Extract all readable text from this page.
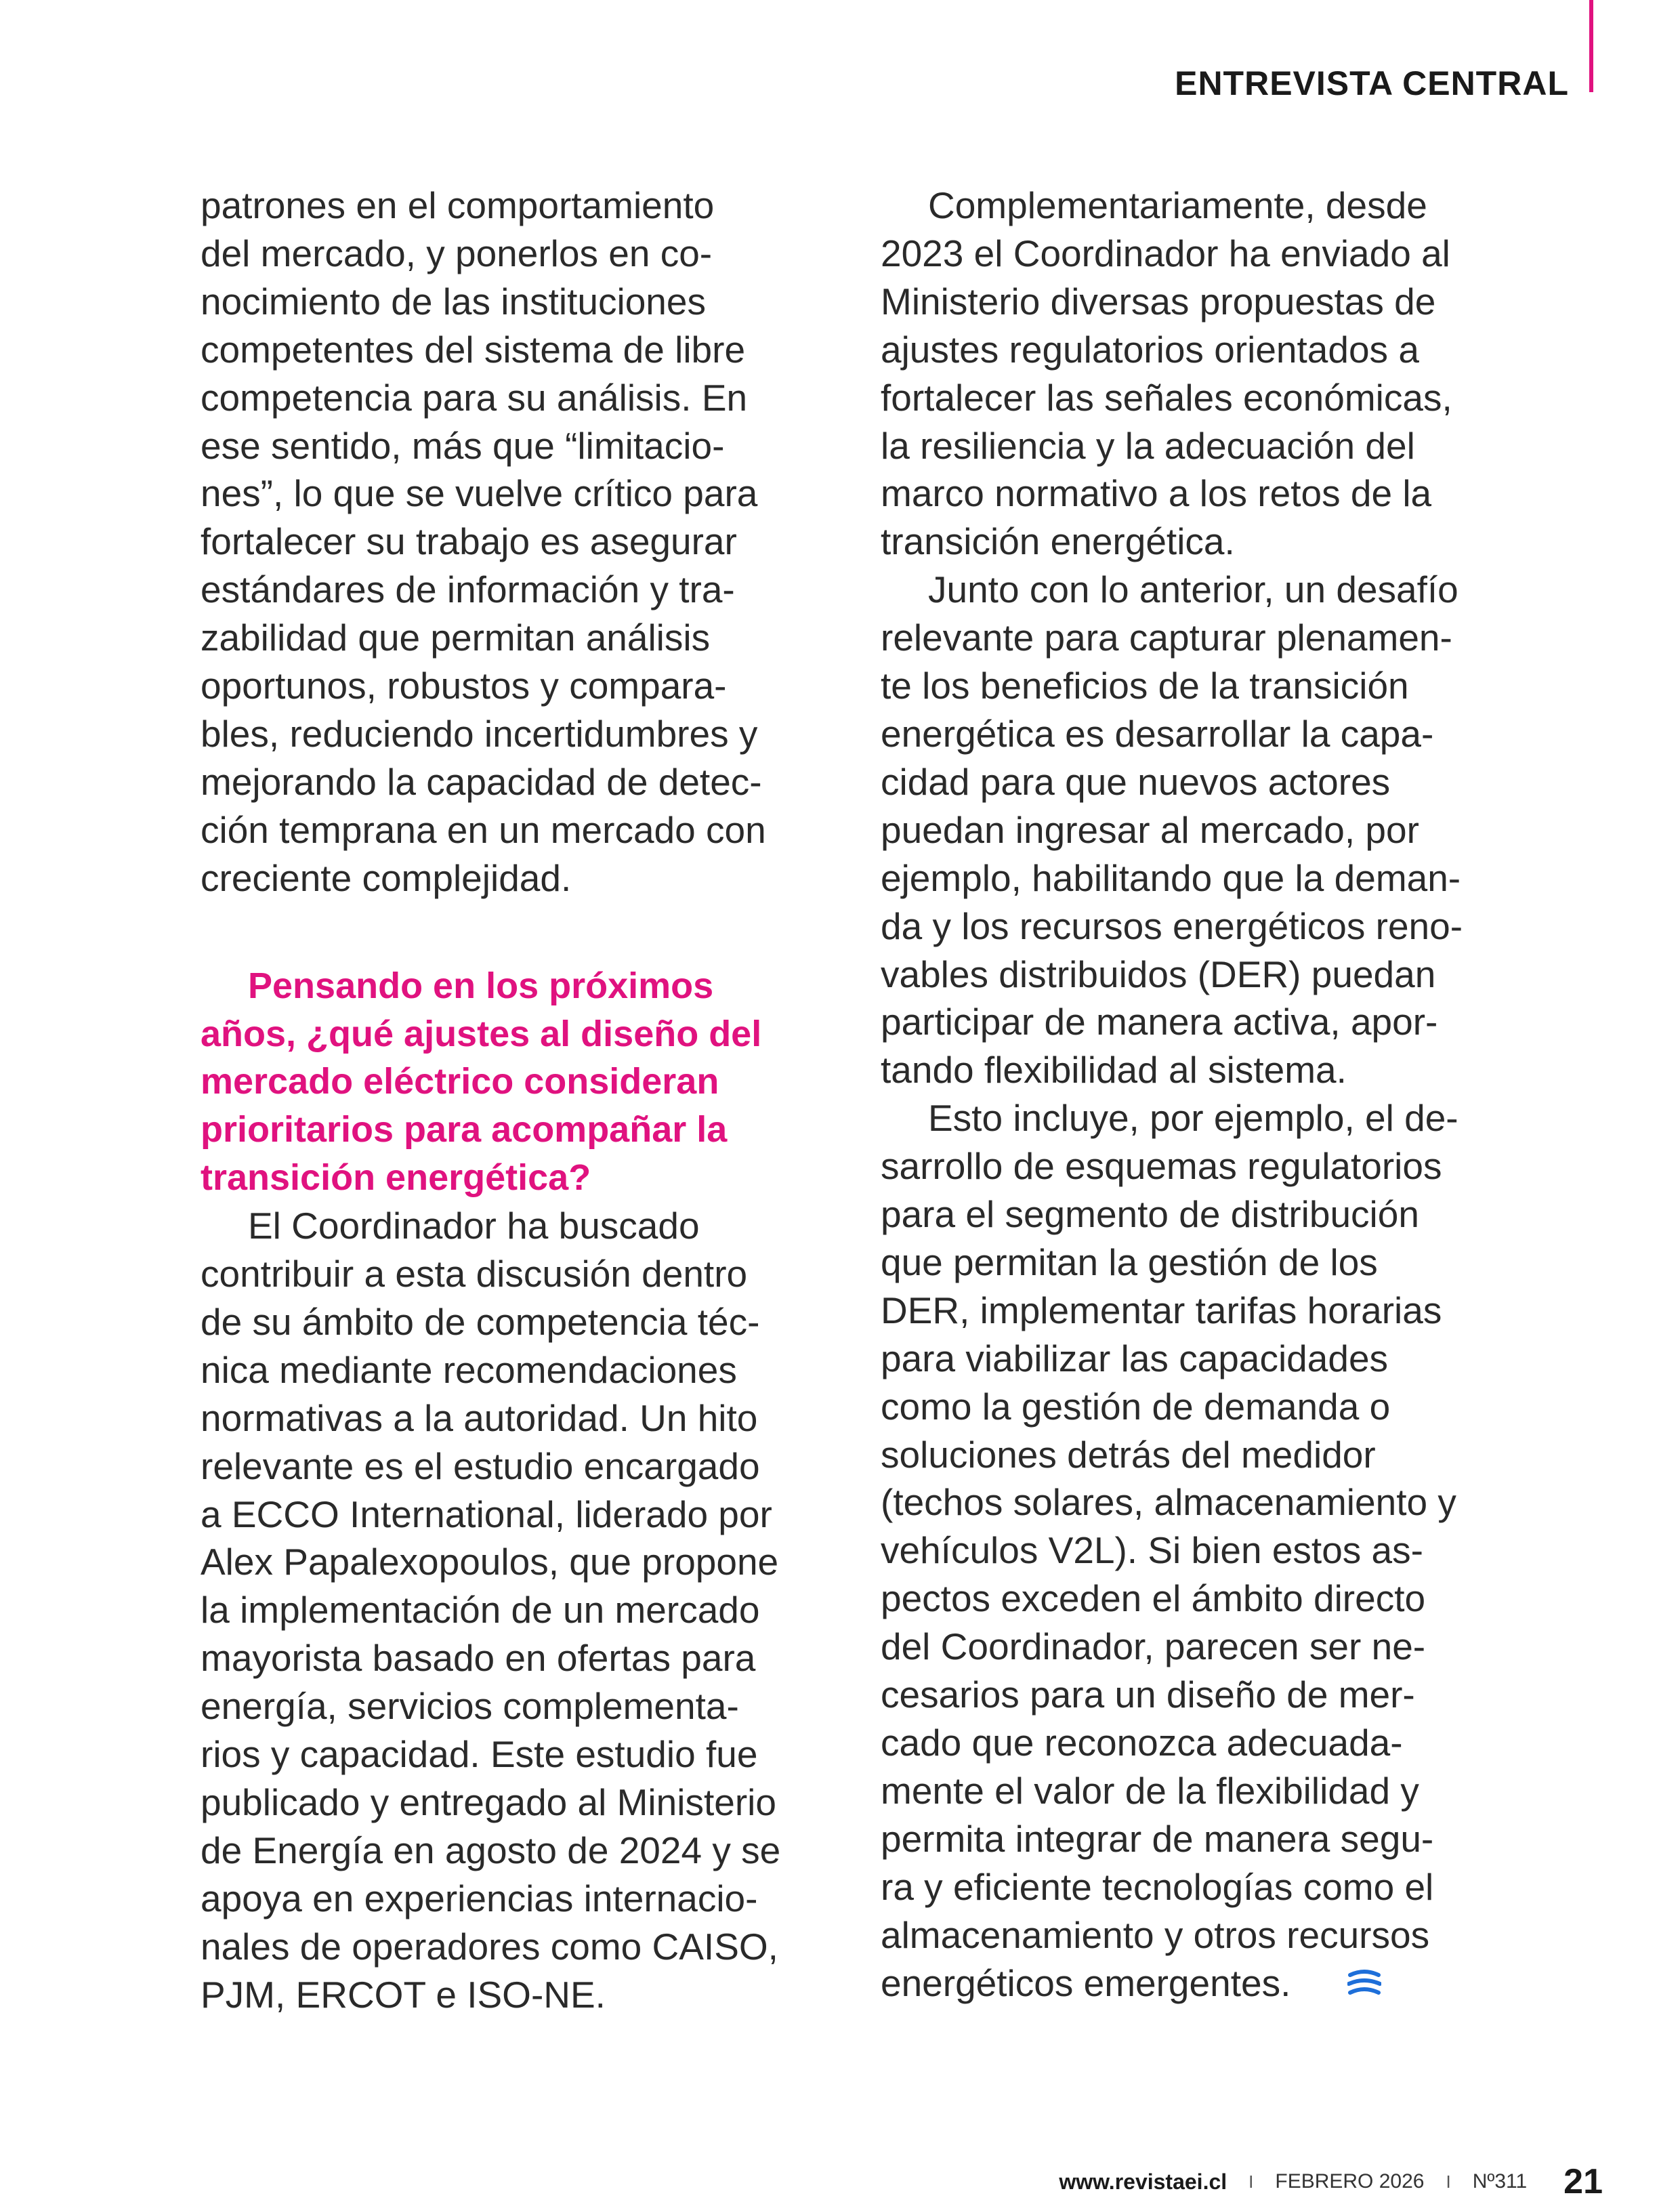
ENTREVISTA CENTRAL

patrones en el comportamiento
del mercado, y ponerlos en co-
nocimiento de las instituciones
competentes del sistema de libre
competencia para su análisis. En
ese sentido, más que “limitacio-
nes”, lo que se vuelve crítico para
fortalecer su trabajo es asegurar
estándares de información y tra-
zabilidad que permitan análisis
oportunos, robustos y compara-
bles, reduciendo incertidumbres y
mejorando la capacidad de detec-
ción temprana en un mercado con
creciente complejidad.

Pensando en los próximos
años, ¿qué ajustes al diseño del
mercado eléctrico consideran
prioritarios para acompañar la
transición energética?

El Coordinador ha buscado
contribuir a esta discusión dentro
de su ámbito de competencia téc-
nica mediante recomendaciones
normativas a la autoridad. Un hito
relevante es el estudio encargado
a ECCO International, liderado por
Alex Papalexopoulos, que propone
la implementación de un mercado
mayorista basado en ofertas para
energía, servicios complementa-
rios y capacidad. Este estudio fue
publicado y entregado al Ministerio
de Energía en agosto de 2024 y se
apoya en experiencias internacio-
nales de operadores como CAISO,
PJM, ERCOT e ISO-NE.

Complementariamente, desde
2023 el Coordinador ha enviado al
Ministerio diversas propuestas de
ajustes regulatorios orientados a
fortalecer las señales económicas,
la resiliencia y la adecuación del
marco normativo a los retos de la
transición energética.

Junto con lo anterior, un desafío
relevante para capturar plenamen-
te los beneficios de la transición
energética es desarrollar la capa-
cidad para que nuevos actores
puedan ingresar al mercado, por
ejemplo, habilitando que la deman-
da y los recursos energéticos reno-
vables distribuidos (DER) puedan
participar de manera activa, apor-
tando flexibilidad al sistema.

Esto incluye, por ejemplo, el de-
sarrollo de esquemas regulatorios
para el segmento de distribución
que permitan la gestión de los
DER, implementar tarifas horarias
para viabilizar las capacidades
como la gestión de demanda o
soluciones detrás del medidor
(techos solares, almacenamiento y
vehículos V2L). Si bien estos as-
pectos exceden el ámbito directo
del Coordinador, parecen ser ne-
cesarios para un diseño de mer-
cado que reconozca adecuada-
mente el valor de la flexibilidad y
permita integrar de manera segu-
ra y eficiente tecnologías como el
almacenamiento y otros recursos
energéticos emergentes.

www.revistaei.cl I FEBRERO 2026 I Nº311 21
